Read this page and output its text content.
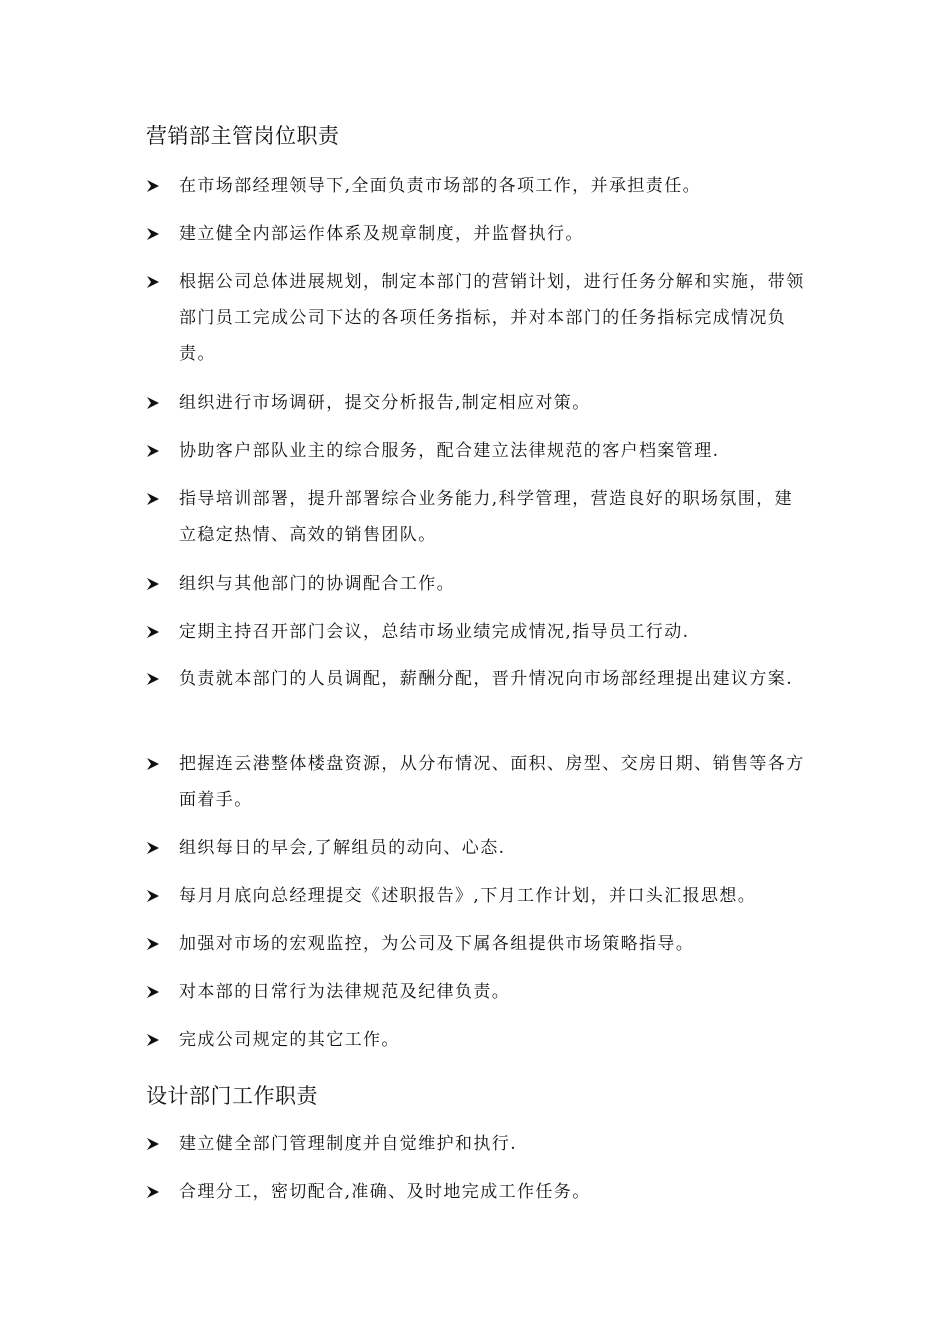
营销部主管岗位职责
在市场部经理领导下,全面负责市场部的各项工作，并承担责任。
建立健全内部运作体系及规章制度，并监督执行。
根据公司总体进展规划，制定本部门的营销计划，进行任务分解和实施，带领部门员工完成公司下达的各项任务指标，并对本部门的任务指标完成情况负责。
组织进行市场调研，提交分析报告,制定相应对策。
协助客户部队业主的综合服务，配合建立法律规范的客户档案管理.
指导培训部署，提升部署综合业务能力,科学管理，营造良好的职场氛围，建立稳定热情、高效的销售团队。
组织与其他部门的协调配合工作。
定期主持召开部门会议，总结市场业绩完成情况,指导员工行动.
负责就本部门的人员调配，薪酬分配，晋升情况向市场部经理提出建议方案.
把握连云港整体楼盘资源，从分布情况、面积、房型、交房日期、销售等各方面着手。
组织每日的早会,了解组员的动向、心态.
每月月底向总经理提交《述职报告》,下月工作计划，并口头汇报思想。
加强对市场的宏观监控，为公司及下属各组提供市场策略指导。
对本部的日常行为法律规范及纪律负责。
完成公司规定的其它工作。
设计部门工作职责
建立健全部门管理制度并自觉维护和执行.
合理分工，密切配合,准确、及时地完成工作任务。
